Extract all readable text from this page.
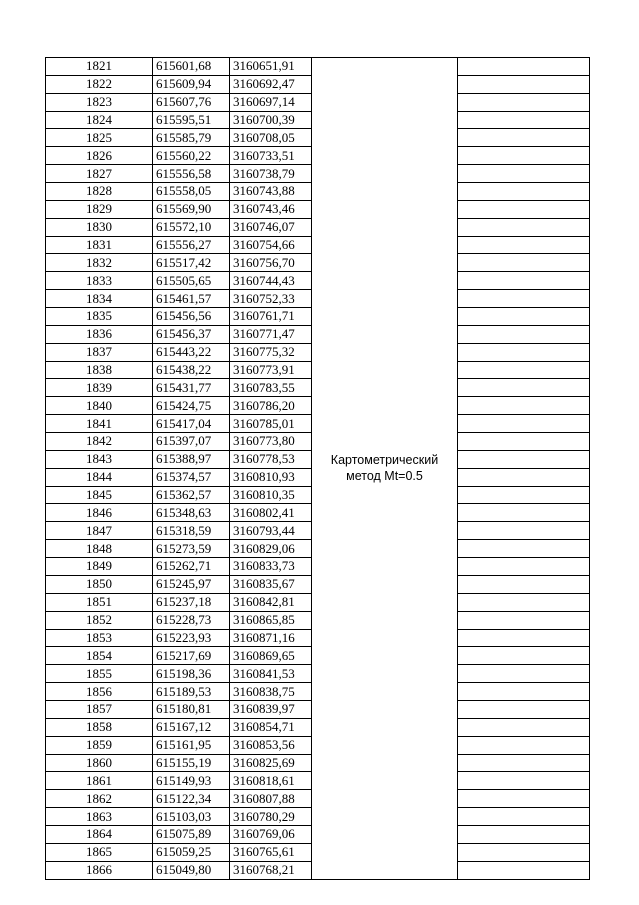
1821	615601,68	3160651,91	Картометрический
метод Mt=0.5	

1822	615609,94	3160692,47		
1823	615607,76	3160697,14		
1824	615595,51	3160700,39		
1825	615585,79	3160708,05		
1826	615560,22	3160733,51		
1827	615556,58	3160738,79		
1828	615558,05	3160743,88		
1829	615569,90	3160743,46		
1830	615572,10	3160746,07		
1831	615556,27	3160754,66		
1832	615517,42	3160756,70		
1833	615505,65	3160744,43		
1834	615461,57	3160752,33		
1835	615456,56	3160761,71		
1836	615456,37	3160771,47		
1837	615443,22	3160775,32		
1838	615438,22	3160773,91		
1839	615431,77	3160783,55		
1840	615424,75	3160786,20		
1841	615417,04	3160785,01		
1842	615397,07	3160773,80		
1843	615388,97	3160778,53		
1844	615374,57	3160810,93		
1845	615362,57	3160810,35		
1846	615348,63	3160802,41		
1847	615318,59	3160793,44		
1848	615273,59	3160829,06		
1849	615262,71	3160833,73		
1850	615245,97	3160835,67		
1851	615237,18	3160842,81		
1852	615228,73	3160865,85		
1853	615223,93	3160871,16		
1854	615217,69	3160869,65		
1855	615198,36	3160841,53		
1856	615189,53	3160838,75		
1857	615180,81	3160839,97		
1858	615167,12	3160854,71		
1859	615161,95	3160853,56		
1860	615155,19	3160825,69		
1861	615149,93	3160818,61		
1862	615122,34	3160807,88		
1863	615103,03	3160780,29		
1864	615075,89	3160769,06		
1865	615059,25	3160765,61		
1866	615049,80	3160768,21		
